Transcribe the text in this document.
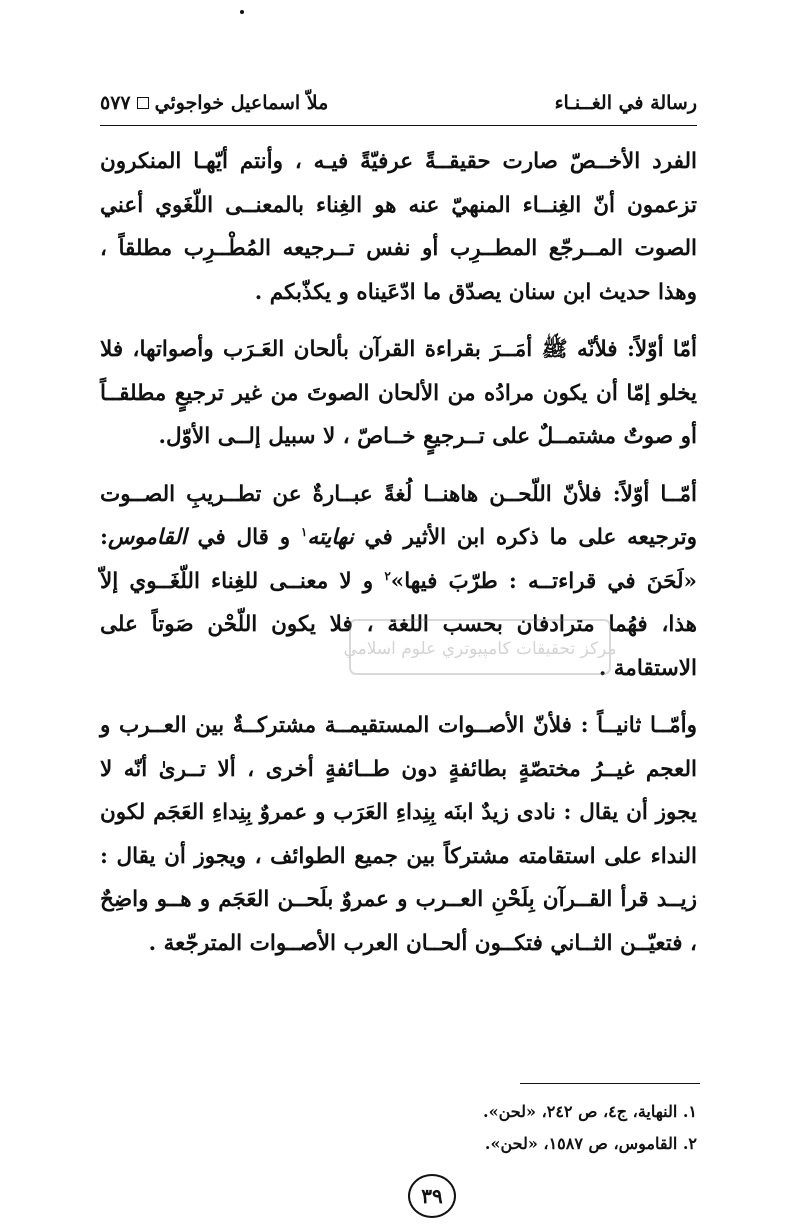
رسالة في الغــنـاء
ملاّ اسماعيل خواجوئي
٥٧٧

الفرد الأخــصّ صارت حقيقــةً عرفيّةً فيـه ، وأنتم أيّهـا المنكرون تزعمون أنّ الغِنــاء المنهيّ عنه هو الغِناء بالمعنــى اللّغَوي أعني الصوت المــرجّع المطــرِب أو نفس تــرجيعه المُطْــرِب مطلقاً ، وهذا حديث ابن سنان يصدّق ما ادّعَيناه و يكذّبكم .

أمّا أوّلاً: فلأنّه ﷺ أمَــرَ بقراءة القرآن بألحان العَـرَب وأصواتها، فلا يخلو إمّا أن يكون مرادُه من الألحان الصوتَ من غير ترجيعٍ مطلقــاً أو صوتٌ مشتمــلٌ على تــرجيعٍ خــاصّ ، لا سبيل إلــى الأوّل.

أمّــا أوّلاً: فلأنّ اللّحــن هاهنــا لُغةً عبــارةٌ عن تطــريبِ الصــوت وترجيعه على ما ذكره ابن الأثير في نهايته$^١$ و قال في القاموس: «لَحَنَ في قراءتــه : طرّبَ فيها»$^٢$ و لا معنــى للغِناء اللّغَــوي إلاّ هذا، فهُما مترادفان بحسب اللغة ، فلا يكون اللّحْن صَوتاً على الاستقامة .

وأمّــا ثانيــاً : فلأنّ الأصــوات المستقيمــة مشتركــةٌ بين العــرب و العجم غيــرُ مختصّةٍ بطائفةٍ دون طــائفةٍ أخرى ، ألا تــرىٰ أنّه لا يجوز أن يقال : نادى زيدٌ ابنَه بِنِداءِ العَرَب و عمروٌ بِنِداءِ العَجَم لكون النداء على استقامته مشتركاً بين جميع الطوائف ، ويجوز أن يقال : زيــد قرأ القــرآن بِلَحْنِ العــرب و عمروٌ بلَحــن العَجَم و هــو واضِحٌ ، فتعيّــن الثــاني فتكــون ألحــان العرب الأصــوات المترجّعة .

مركز تحقيقات كامپيوتري علوم اسلامي
١. النهاية، ج٤، ص ٢٤٢، «لحن».
٢. القاموس، ص ١٥٨٧، «لحن».
٣٩
